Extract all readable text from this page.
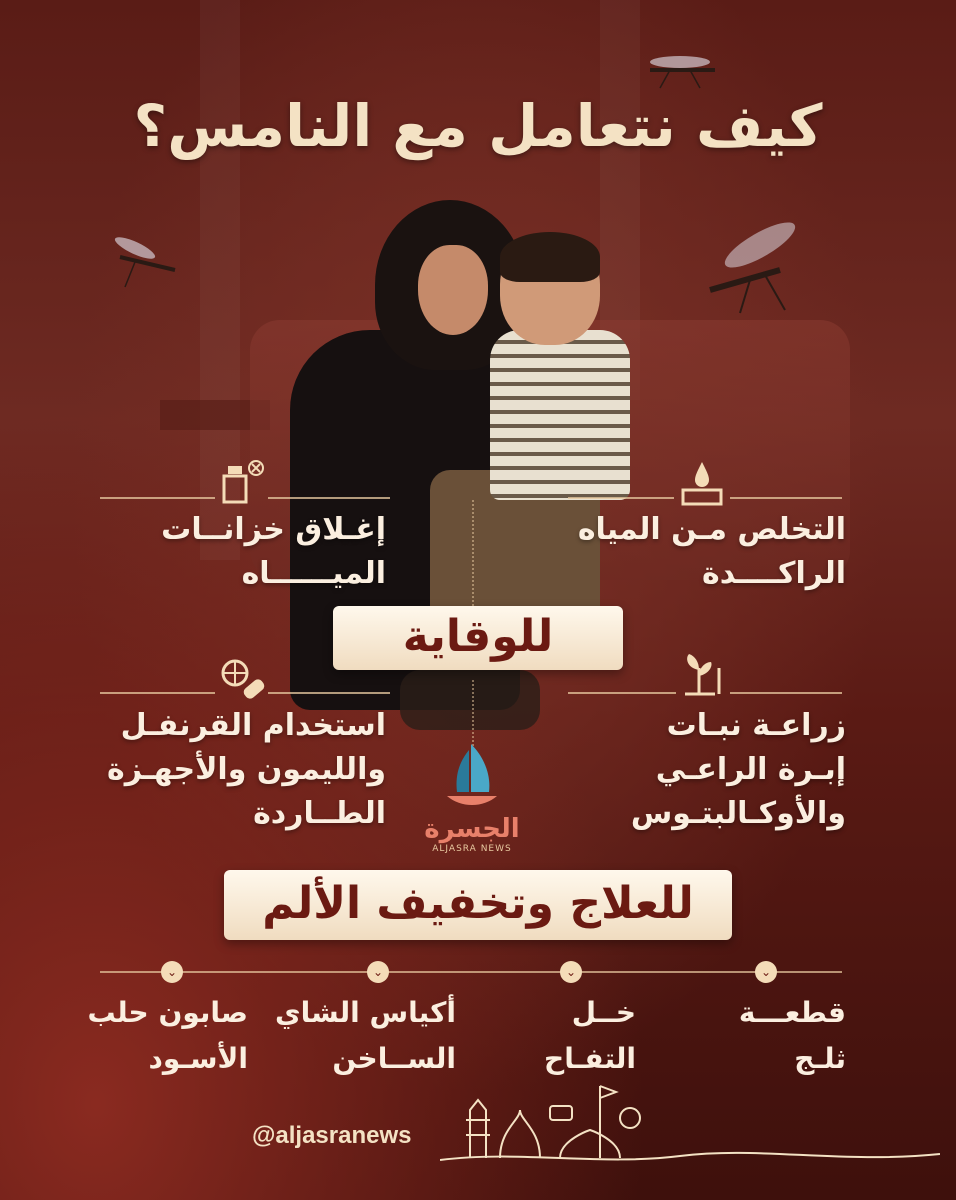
كيف نتعامل مع النامس؟
التخلص مـن المياه
الراكــــدة
إغـلاق خزانــات
الميــــــاه
للوقاية
زراعـة نبـات
إبـرة الراعـي
والأوكـالبتـوس
استخدام القرنفـل
والليمون والأجهـزة
الطــاردة	الجسرة
ALJASRA NEWS
للعلاج وتخفيف الألم
⌄	⌄	⌄	⌄
قطعـــة
ثلـج
خــل
التفـاح
أكياس الشاي
الســاخن
صابون حلب
الأسـود
@aljasranews
